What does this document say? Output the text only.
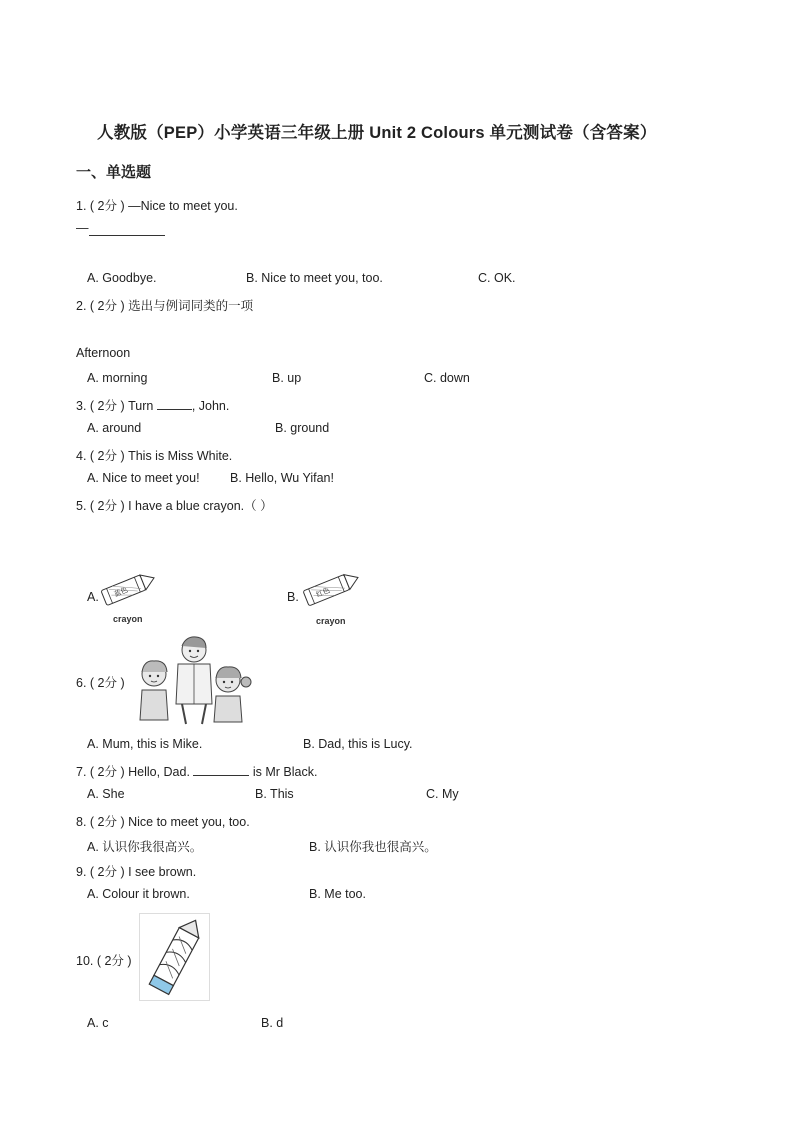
人教版（PEP）小学英语三年级上册 Unit 2 Colours 单元测试卷（含答案）
一、单选题
1. ( 2分 ) —Nice to meet you.
—
A. Goodbye.	B. Nice to meet you, too.	C. OK.
2. ( 2分 ) 选出与例词同类的一项
Afternoon
A. morning	B. up	C. down
3. ( 2分 ) Turn	, John.
A. around	B. ground
4. ( 2分 ) This is Miss White.
A. Nice to meet you! B. Hello, Wu Yifan!
5. ( 2分 ) I have a blue crayon.（ ）
A. 蓝色
crayon
B. 红色
crayon
6. ( 2分 )
A. Mum, this is Mike.	B. Dad, this is Lucy.
7. ( 2分 ) Hello, Dad.	is Mr Black.
A. She	B. This	C. My
8. ( 2分 ) Nice to meet you, too.
A. 认识你我很高兴。	B. 认识你我也很高兴。
9. ( 2分 ) I see brown.
A. Colour it brown.	B. Me too.
10. ( 2分 )
A. c	B. d
